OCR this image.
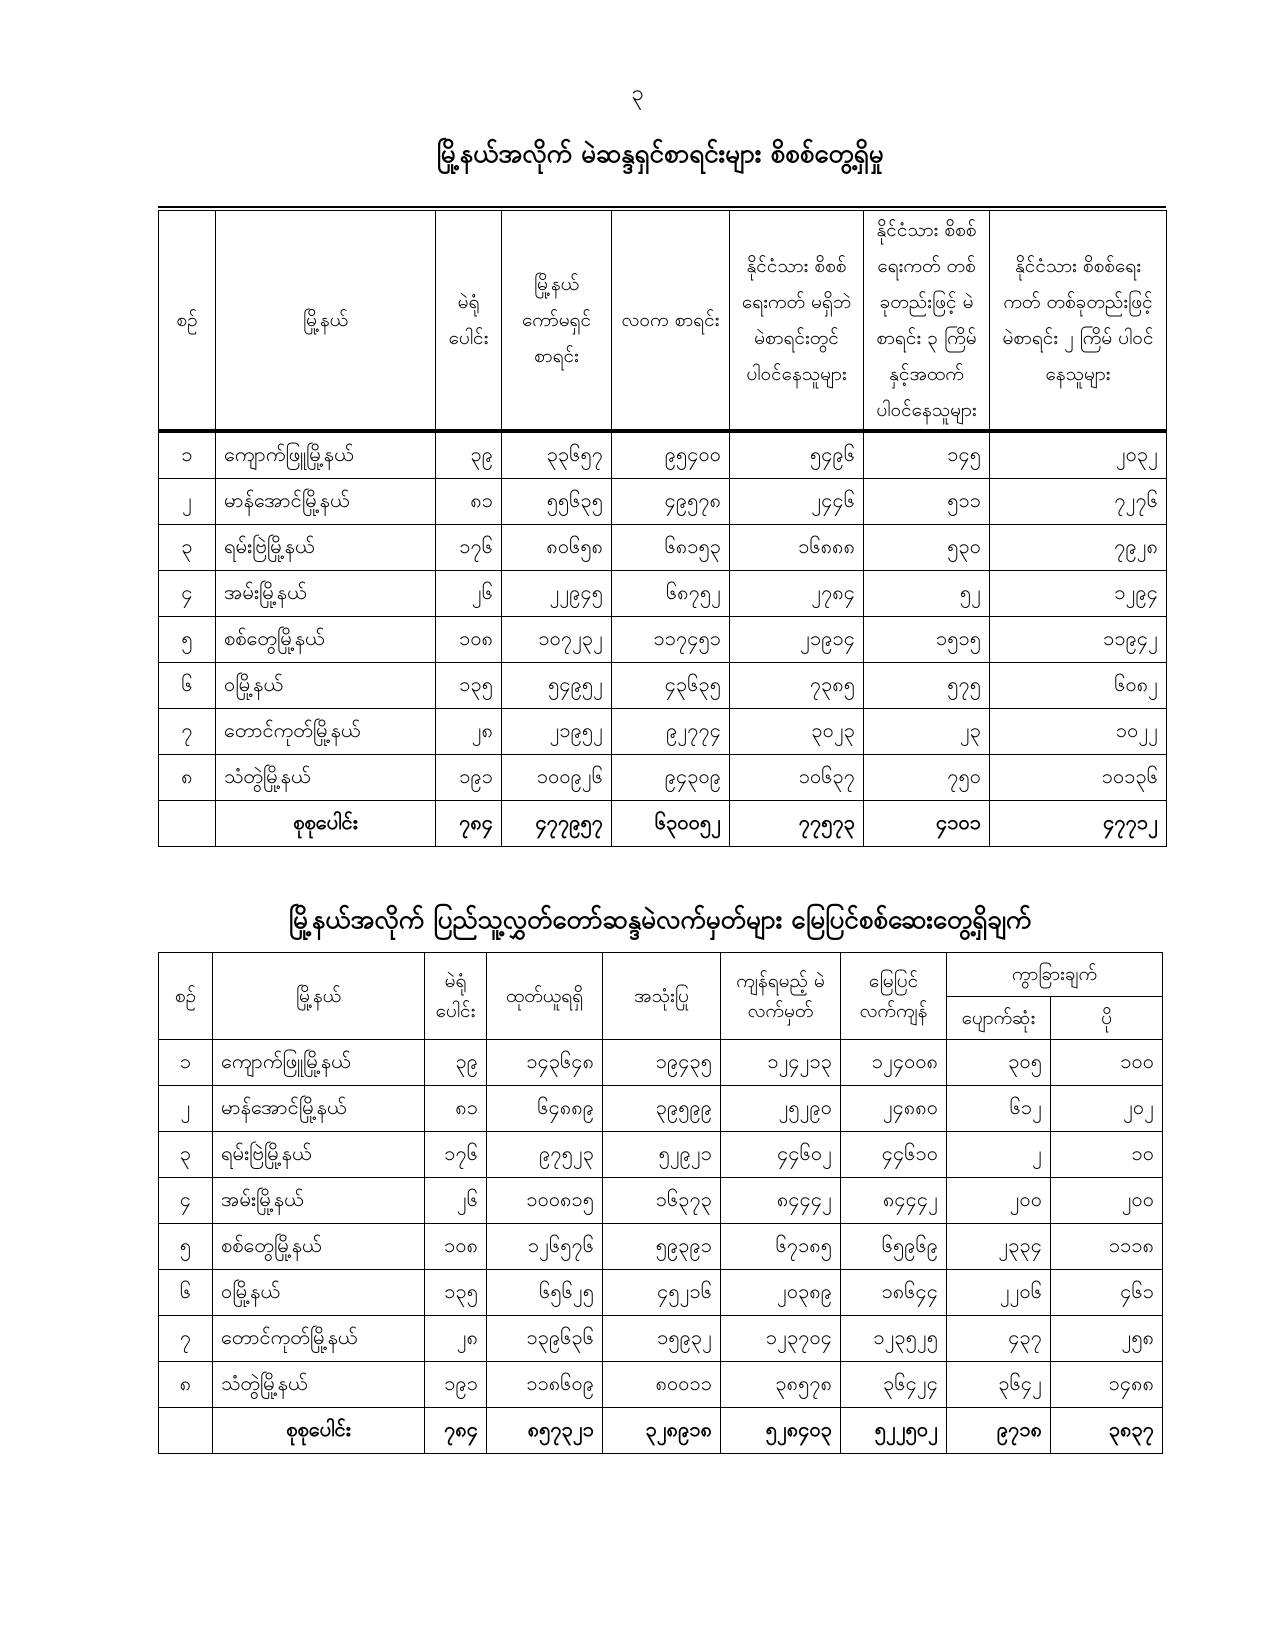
၃
မြို့နယ်အလိုက် မဲဆန္ဒရှင်စာရင်းများ စိစစ်တွေ့ရှိမှု
စဉ်	မြို့နယ်	မဲရုံ ပေါင်း	မြို့နယ် ကော်မရှင် စာရင်း	လဝက စာရင်း	နိုင်ငံသား စိစစ်ရေးကတ် မရှိဘဲ မဲစာရင်းတွင် ပါဝင်နေသူများ	နိုင်ငံသား စိစစ်ရေးကတ် တစ်ခုတည်းဖြင့် မဲစာရင်း ၃ ကြိမ် နှင့်အထက် ပါဝင်နေသူများ	နိုင်ငံသား စိစစ်ရေးကတ် တစ်ခုတည်းဖြင့် မဲစာရင်း ၂ ကြိမ် ပါဝင်နေသူများ
၁	ကျောက်ဖြူမြို့နယ်	၃၉	၃၃၆၅၇	၉၅၄၀၀	၅၄၉၆	၁၄၅	၂၀၃၂
၂	မာန်အောင်မြို့နယ်	၈၁	၅၅၆၃၅	၄၉၅၇၈	၂၄၄၆	၅၁၁	၇၂၇၆
၃	ရမ်းဗြဲမြို့နယ်	၁၇၆	၈၀၆၅၈	၆၈၁၅၃	၁၆၈၈၈	၅၃၀	၇၉၂၈
၄	အမ်းမြို့နယ်	၂၆	၂၂၉၄၅	၆၈၇၅၂	၂၇၈၄	၅၂	၁၂၉၄
၅	စစ်တွေမြို့နယ်	၁၀၈	၁၀၇၂၃၂	၁၁၇၄၅၁	၂၁၉၁၄	၁၅၁၅	၁၁၉၄၂
၆	ဝမြို့နယ်	၁၃၅	၅၄၉၅၂	၄၃၆၃၅	၇၃၈၅	၅၇၅	၆၀၈၂
၇	တောင်ကုတ်မြို့နယ်	၂၈	၂၁၉၅၂	၉၂၇၇၄	၃၀၂၃	၂၃	၁၀၂၂
၈	သံတွဲမြို့နယ်	၁၉၁	၁၀၀၉၂၆	၉၄၃၀၉	၁၀၆၃၇	၇၅၀	၁၀၁၃၆
	စုစုပေါင်း	၇၈၄	၄၇၇၉၅၇	၆၃၀၀၅၂	၇၇၅၇၃	၄၁၀၁	၄၇၇၁၂
မြို့နယ်အလိုက် ပြည်သူ့လွှတ်တော်ဆန္ဒမဲလက်မှတ်များ မြေပြင်စစ်ဆေးတွေ့ရှိချက်
စဉ်	မြို့နယ်	မဲရုံ ပေါင်း	ထုတ်ယူရရှိ	အသုံးပြု	ကျန်ရမည့် မဲလက်မှတ်	မြေပြင် လက်ကျန်	ကွာခြားချက်	
							ပျောက်ဆုံး	ပို
၁	ကျောက်ဖြူမြို့နယ်	၃၉	၁၄၃၆၄၈	၁၉၄၃၅	၁၂၄၂၁၃	၁၂၄၀၀၈	၃၀၅	၁၀၀
၂	မာန်အောင်မြို့နယ်	၈၁	၆၄၈၈၉	၃၉၅၉၉	၂၅၂၉၀	၂၄၈၈၀	၆၁၂	၂၀၂
၃	ရမ်းဗြဲမြို့နယ်	၁၇၆	၉၇၅၂၃	၅၂၉၂၁	၄၄၆၀၂	၄၄၆၁၀	၂	၁၀
၄	အမ်းမြို့နယ်	၂၆	၁၀၀၈၁၅	၁၆၃၇၃	၈၄၄၄၂	၈၄၄၄၂	၂၀၀	၂၀၀
၅	စစ်တွေမြို့နယ်	၁၀၈	၁၂၆၅၇၆	၅၉၃၉၁	၆၇၁၈၅	၆၅၉၆၉	၂၃၃၄	၁၁၁၈
၆	ဝမြို့နယ်	၁၃၅	၆၅၆၂၅	၄၅၂၁၆	၂၀၃၈၉	၁၈၆၄၄	၂၂၀၆	၄၆၁
၇	တောင်ကုတ်မြို့နယ်	၂၈	၁၃၉၆၃၆	၁၅၉၃၂	၁၂၃၇၀၄	၁၂၃၅၂၅	၄၃၇	၂၅၈
၈	သံတွဲမြို့နယ်	၁၉၁	၁၁၈၆၀၉	၈၀၀၁၁	၃၈၅၇၈	၃၆၄၂၄	၃၆၄၂	၁၄၈၈
	စုစုပေါင်း	၇၈၄	၈၅၇၃၂၁	၃၂၈၉၁၈	၅၂၈၄၀၃	၅၂၂၅၀၂	၉၇၁၈	၃၈၃၇
